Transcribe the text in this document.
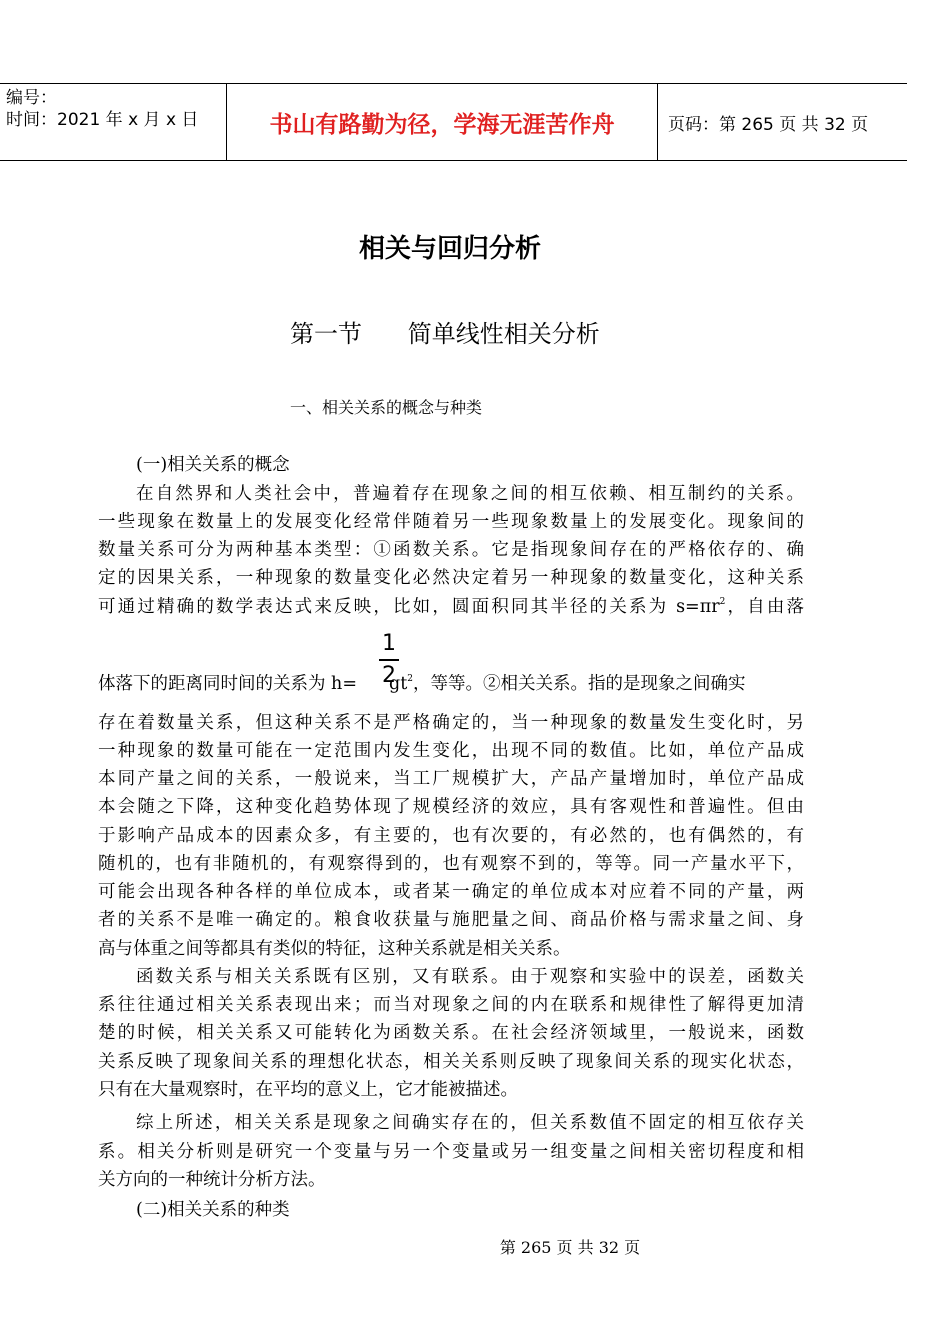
编号：
时间：2021 年 x 月 x 日	书山有路勤为径，学海无涯苦作舟	页码：第 265 页 共 32 页
相关与回归分析
第一节      简单线性相关分析
一、相关关系的概念与种类
(一)相关关系的概念
在自然界和人类社会中，普遍着存在现象之间的相互依赖、相互制约的关系。
一些现象在数量上的发展变化经常伴随着另一些现象数量上的发展变化。现象间的
数量关系可分为两种基本类型：①函数关系。它是指现象间存在的严格依存的、确
定的因果关系，一种现象的数量变化必然决定着另一种现象的数量变化，这种关系
可通过精确的数学表达式来反映，比如，圆面积同其半径的关系为 $s=\pi r^2$，自由落
1
2
体落下的距离同时间的关系为 $h= gt^2$，等等。②相关关系。指的是现象之间确实
存在着数量关系，但这种关系不是严格确定的，当一种现象的数量发生变化时，另
一种现象的数量可能在一定范围内发生变化，出现不同的数值。比如，单位产品成
本同产量之间的关系，一般说来，当工厂规模扩大，产品产量增加时，单位产品成
本会随之下降，这种变化趋势体现了规模经济的效应，具有客观性和普遍性。但由
于影响产品成本的因素众多，有主要的，也有次要的，有必然的，也有偶然的，有
随机的，也有非随机的，有观察得到的，也有观察不到的，等等。同一产量水平下，
可能会出现各种各样的单位成本，或者某一确定的单位成本对应着不同的产量，两
者的关系不是唯一确定的。粮食收获量与施肥量之间、商品价格与需求量之间、身
高与体重之间等都具有类似的特征，这种关系就是相关关系。
函数关系与相关关系既有区别，又有联系。由于观察和实验中的误差，函数关
系往往通过相关关系表现出来；而当对现象之间的内在联系和规律性了解得更加清
楚的时候，相关关系又可能转化为函数关系。在社会经济领域里，一般说来，函数
关系反映了现象间关系的理想化状态，相关关系则反映了现象间关系的现实化状态，
只有在大量观察时，在平均的意义上，它才能被描述。
综上所述，相关关系是现象之间确实存在的，但关系数值不固定的相互依存关
系。相关分析则是研究一个变量与另一个变量或另一组变量之间相关密切程度和相
关方向的一种统计分析方法。
(二)相关关系的种类
第 265 页 共 32 页
